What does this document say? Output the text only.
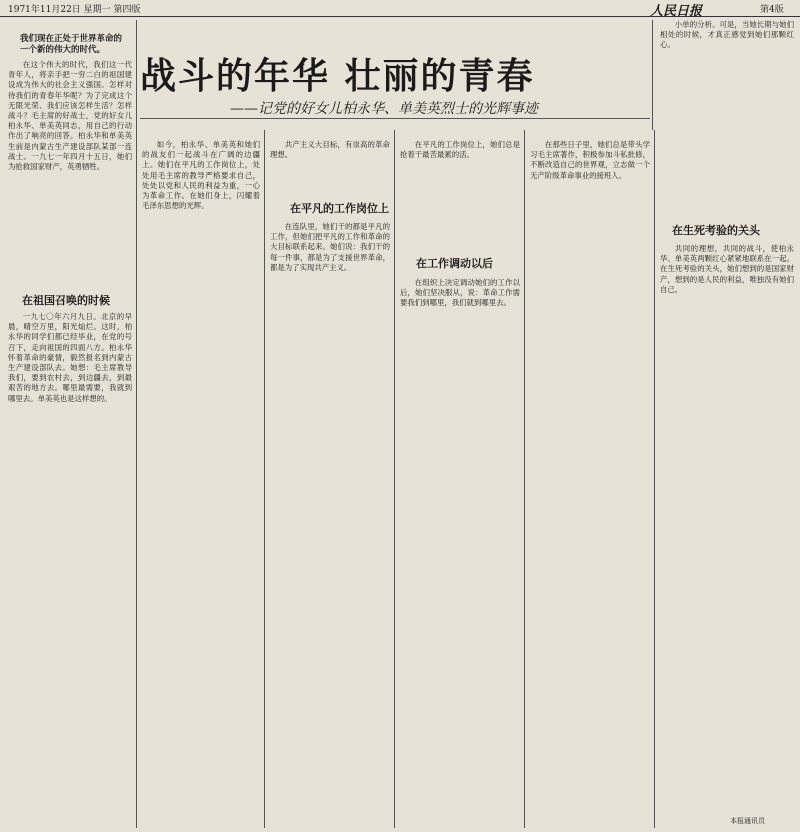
1971年11月22日 星期一 第四版	人民日报	第4版
我们现在正处于世界革命的一个新的伟大的时代。
战斗的年华 壮丽的青春
——记党的好女儿柏永华、单美英烈士的光辉事迹

在这个伟大的时代，我们这一代青年人，将亲手把一穷二白的祖国建设成为伟大的社会主义强国。怎样对待我们的青春年华呢？为了完成这个无限光荣、我们应该怎样生活？怎样战斗？毛主席的好战士，党的好女儿柏永华、单美英同志，用自己的行动作出了响亮的回答。柏永华和单美英生前是内蒙古生产建设部队某部一连战士。一九七一年四月十五日，她们为抢救国家财产，英勇牺牲。

在祖国召唤的时候

一九七〇年六月九日。北京的早晨，晴空万里，阳光灿烂。这时，柏永华的同学们都已经毕业，在党的号召下，走向祖国的四面八方。柏永华怀着革命的豪情，毅然报名到内蒙古生产建设部队去。她想：毛主席教导我们，要到农村去，到边疆去，到最艰苦的地方去。哪里最需要，我就到哪里去。单美英也是这样想的。

如今，柏永华、单美英和她们的战友们一起战斗在广阔的边疆上。她们在平凡的工作岗位上，处处用毛主席的教导严格要求自己，处处以党和人民的利益为重，一心为革命工作。在她们身上，闪耀着毛泽东思想的光辉。

共产主义大目标，有崇高的革命理想。

在平凡的工作岗位上

在连队里，她们干的都是平凡的工作，但她们把平凡的工作和革命的大目标联系起来。她们说：我们干的每一件事，都是为了支援世界革命，都是为了实现共产主义。

在平凡的工作岗位上，她们总是抢着干最苦最累的活。

在工作调动以后

在组织上决定调动她们的工作以后，她们坚决服从，说：革命工作需要我们到哪里，我们就到哪里去。

在那些日子里，她们总是带头学习毛主席著作，积极参加斗私批修，不断改造自己的世界观，立志做一个无产阶级革命事业的接班人。

小单的分析。可是，当她长期与她们相处的时候，才真正感觉到她们那颗红心。

在生死考验的关头

共同的理想，共同的战斗，使柏永华、单美英两颗红心紧紧地联系在一起。在生死考验的关头，她们想到的是国家财产，想到的是人民的利益，唯独没有她们自己。

本报通讯员
